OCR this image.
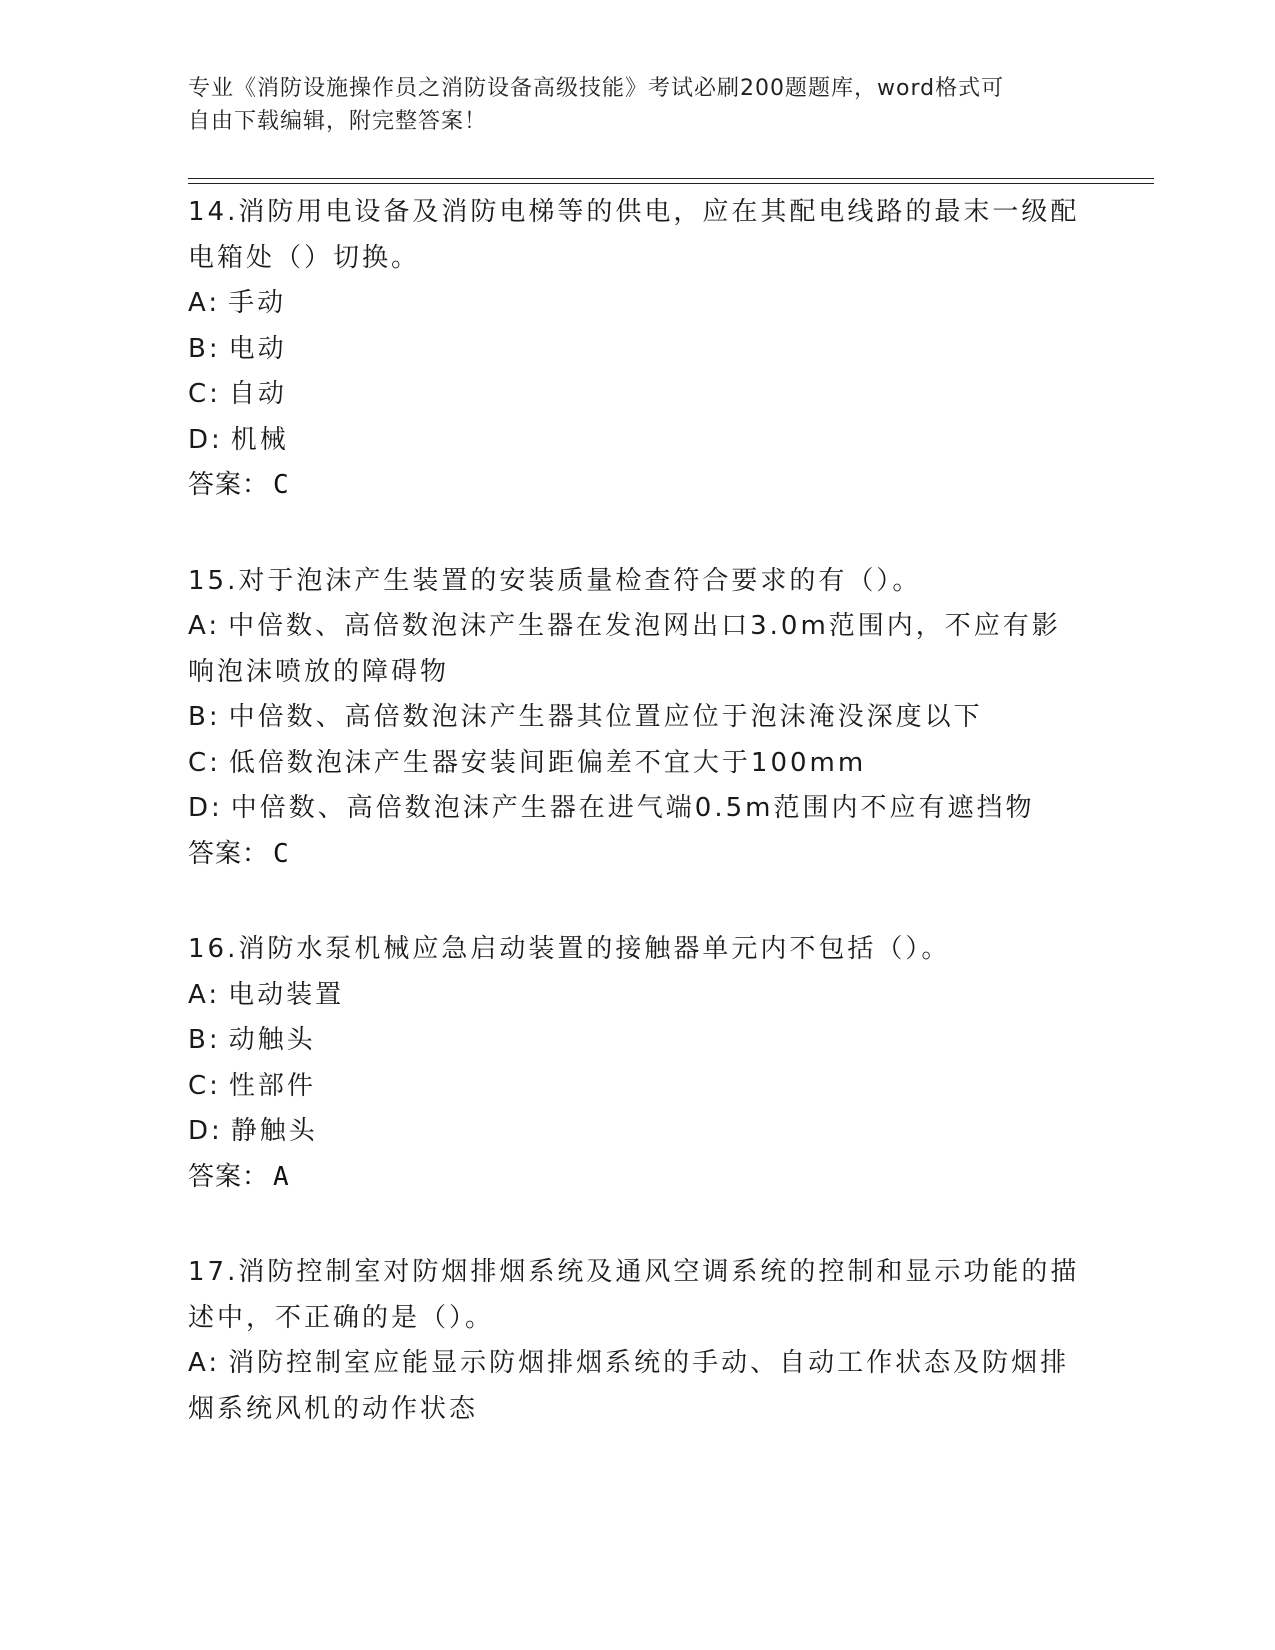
专业《消防设施操作员之消防设备高级技能》考试必刷200题题库，word格式可
自由下载编辑，附完整答案！
14.消防用电设备及消防电梯等的供电，应在其配电线路的最末一级配
电箱处（）切换。
A: 手动
B: 电动
C: 自动
D: 机械
答案： C
15.对于泡沫产生装置的安装质量检查符合要求的有（）。
A: 中倍数、高倍数泡沫产生器在发泡网出口3.0m范围内，不应有影
响泡沫喷放的障碍物
B: 中倍数、高倍数泡沫产生器其位置应位于泡沫淹没深度以下
C: 低倍数泡沫产生器安装间距偏差不宜大于100mm
D: 中倍数、高倍数泡沫产生器在进气端0.5m范围内不应有遮挡物
答案： C
16.消防水泵机械应急启动装置的接触器单元内不包括（）。
A: 电动装置
B: 动触头
C: 性部件
D: 静触头
答案： A
17.消防控制室对防烟排烟系统及通风空调系统的控制和显示功能的描
述中，不正确的是（）。
A: 消防控制室应能显示防烟排烟系统的手动、自动工作状态及防烟排
烟系统风机的动作状态
